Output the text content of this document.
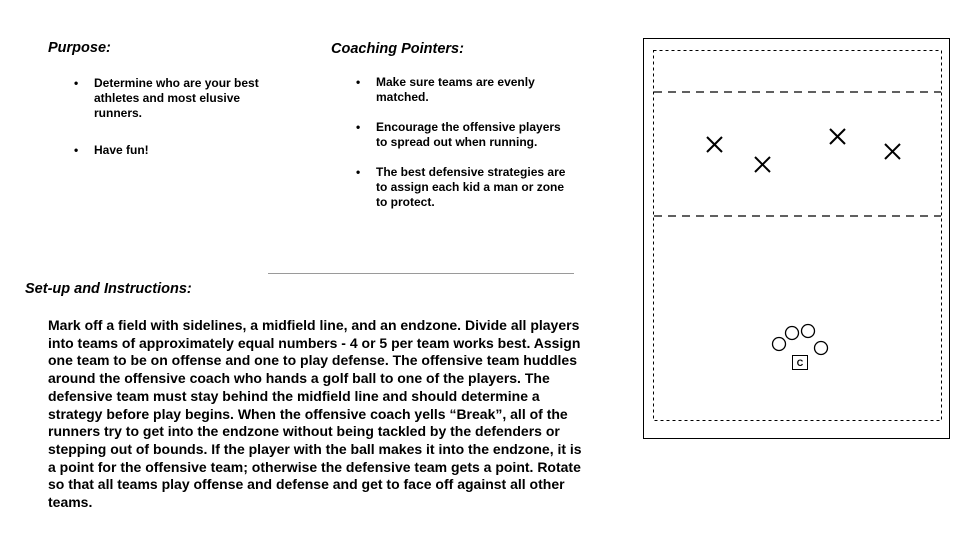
Purpose:
• Determine who are your best athletes and most elusive runners.
• Have fun!
Coaching Pointers:
• Make sure teams are evenly matched.
• Encourage the offensive players to spread out when running.
• The best defensive strategies are to assign each kid a man or zone to protect.
Set-up and Instructions:

Mark off a field with sidelines, a midfield line, and an endzone. Divide all players into teams of approximately equal numbers - 4 or 5 per team works best. Assign one team to be on offense and one to play defense. The offensive team huddles around the offensive coach who hands a golf ball to one of the players. The defensive team must stay behind the midfield line and should determine a strategy before play begins. When the offensive coach yells “Break”, all of the runners try to get into the endzone without being tackled by the defenders or stepping out of bounds. If the player with the ball makes it into the endzone, it is a point for the offensive team; otherwise the defensive team gets a point. Rotate so that all teams play offense and defense and get to face off against all other teams.

C
